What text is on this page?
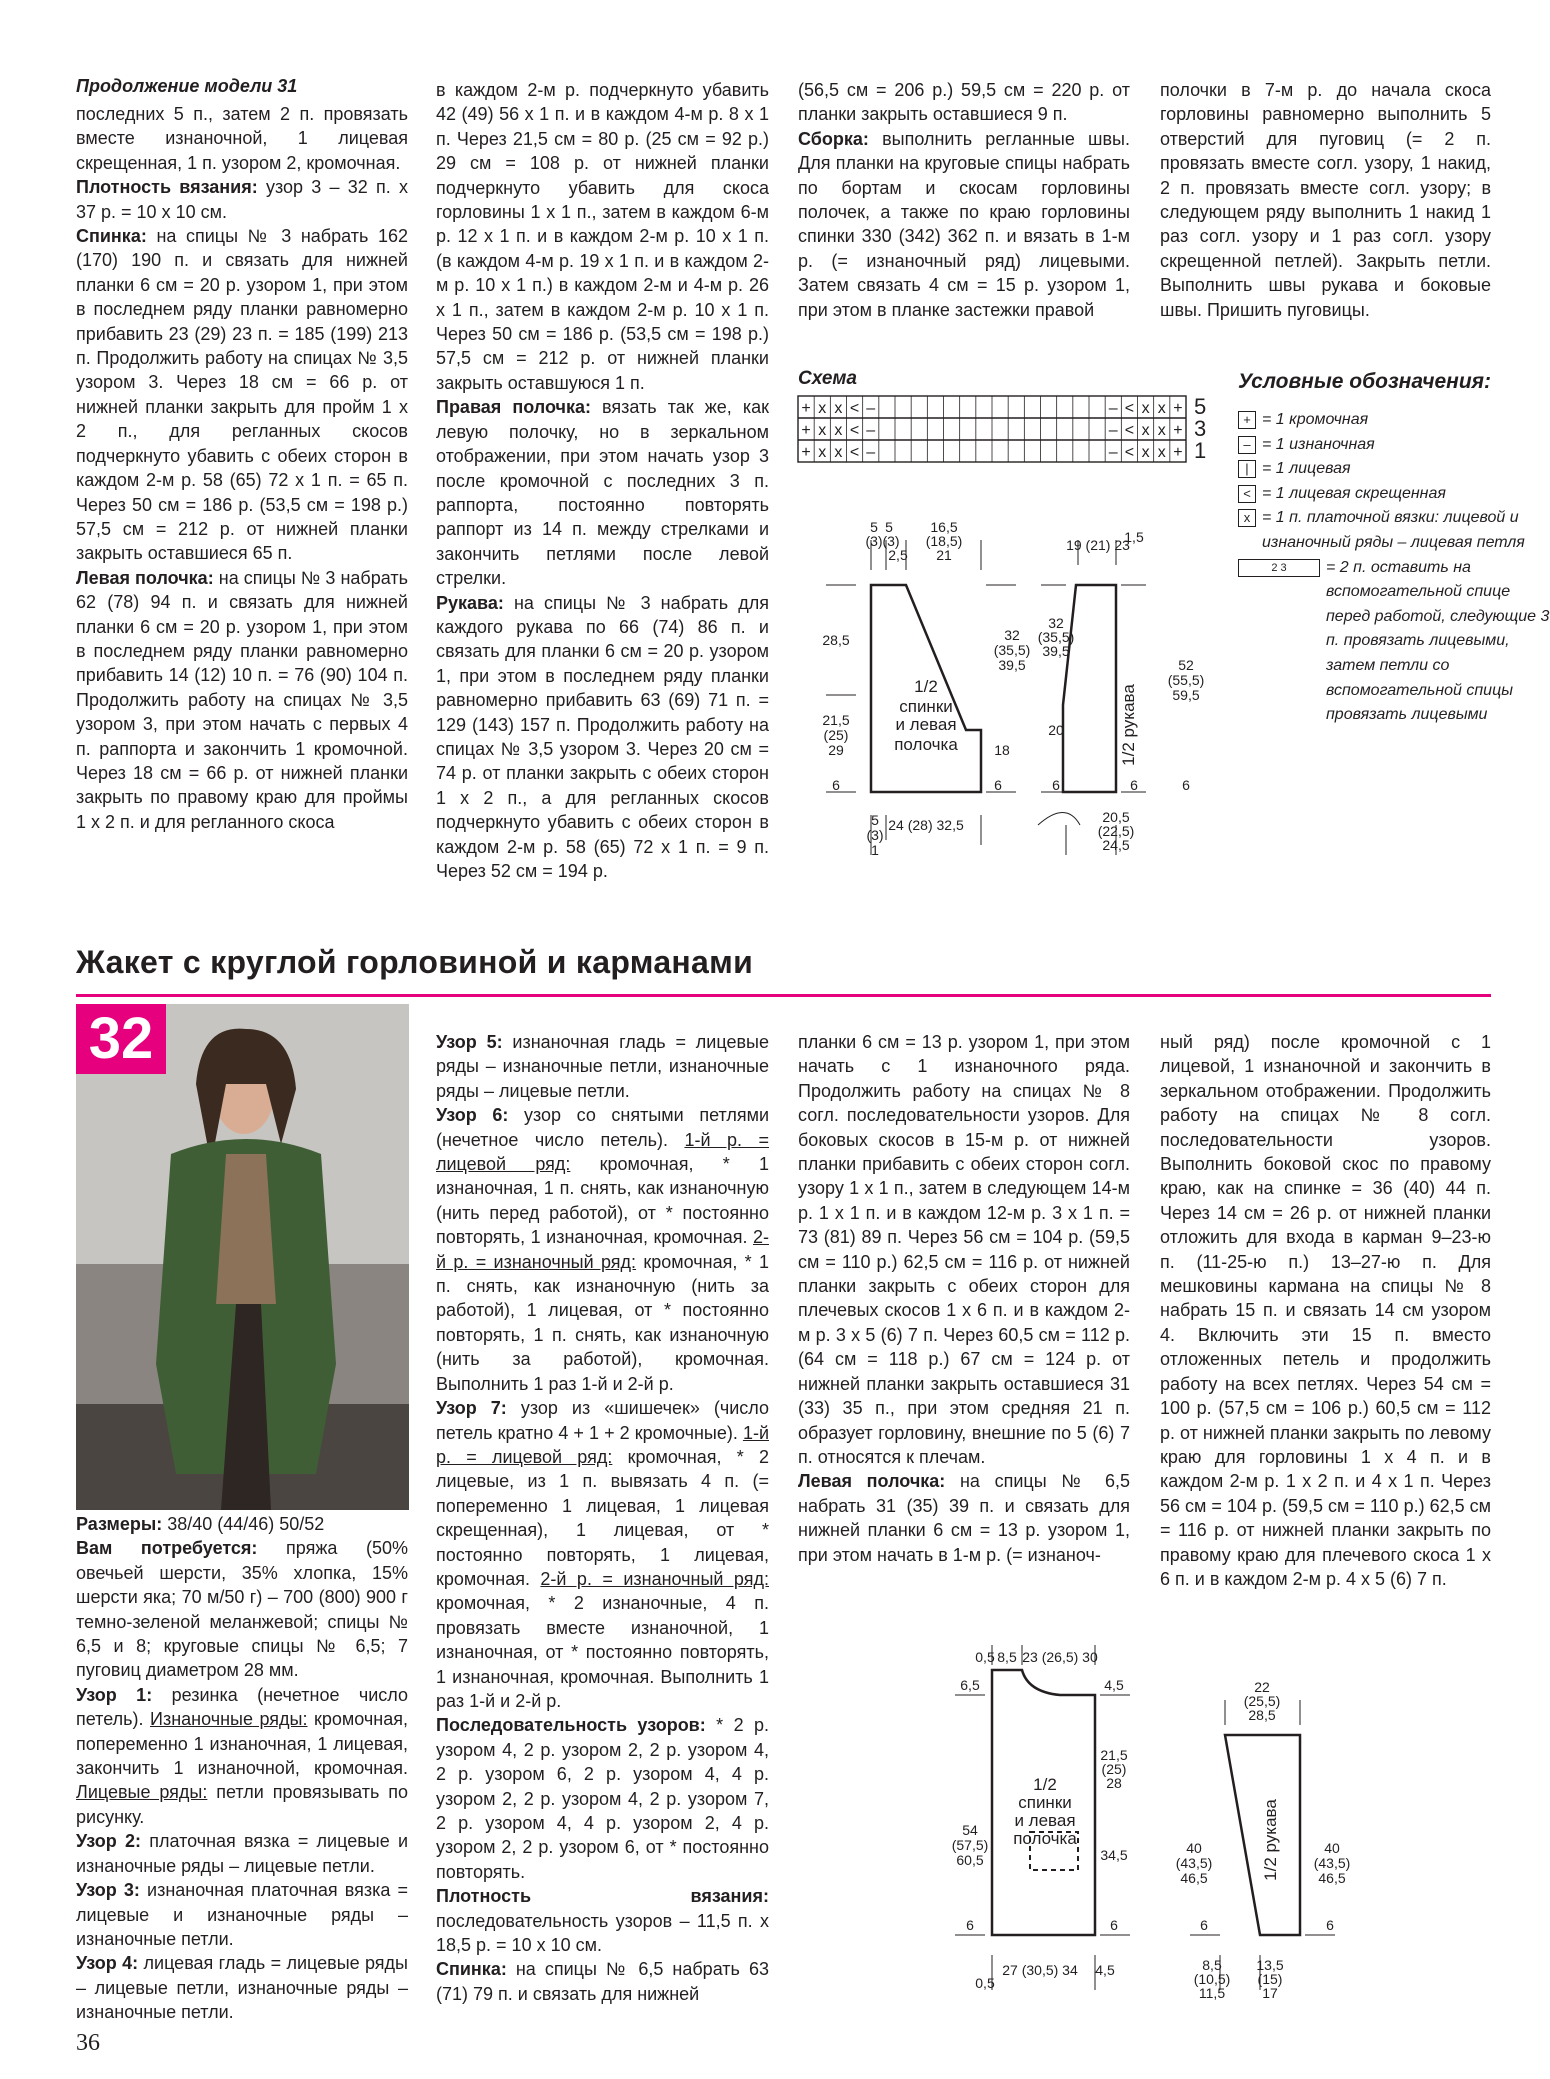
Продолжение модели 31

последних 5 п., затем 2 п. провязать вместе изнаночной, 1 лицевая скрещенная, 1 п. узором 2, кромочная.

Плотность вязания: узор 3 – 32 п. х 37 р. = 10 х 10 см.

Спинка: на спицы № 3 набрать 162 (170) 190 п. и связать для нижней планки 6 см = 20 р. узором 1, при этом в последнем ряду планки равномерно прибавить 23 (29) 23 п. = 185 (199) 213 п. Продолжить работу на спицах № 3,5 узором 3. Через 18 см = 66 р. от нижней планки закрыть для пройм 1 х 2 п., для регланных скосов подчеркнуто убавить с обеих сторон в каждом 2-м р. 58 (65) 72 х 1 п. = 65 п. Через 50 см = 186 р. (53,5 см = 198 р.) 57,5 см = 212 р. от нижней планки закрыть оставшиеся 65 п.

Левая полочка: на спицы № 3 набрать 62 (78) 94 п. и связать для нижней планки 6 см = 20 р. узором 1, при этом в последнем ряду планки равномерно прибавить 14 (12) 10 п. = 76 (90) 104 п. Продолжить работу на спицах № 3,5 узором 3, при этом начать с первых 4 п. раппорта и закончить 1 кромочной. Через 18 см = 66 р. от нижней планки закрыть по правому краю для проймы 1 х 2 п. и для регланного скоса

в каждом 2-м р. подчеркнуто убавить 42 (49) 56 х 1 п. и в каждом 4-м р. 8 х 1 п. Через 21,5 см = 80 р. (25 см = 92 р.) 29 см = 108 р. от нижней планки подчеркнуто убавить для скоса горловины 1 х 1 п., затем в каждом 6-м р. 12 х 1 п. и в каждом 2-м р. 10 х 1 п. (в каждом 4-м р. 19 х 1 п. и в каждом 2-м р. 10 х 1 п.) в каждом 2-м и 4-м р. 26 х 1 п., затем в каждом 2-м р. 10 х 1 п. Через 50 см = 186 р. (53,5 см = 198 р.) 57,5 см = 212 р. от нижней планки закрыть оставшуюся 1 п.

Правая полочка: вязать так же, как левую полочку, но в зеркальном отображении, при этом начать узор 3 после кромочной с последних 3 п. раппорта, постоянно повторять раппорт из 14 п. между стрелками и закончить петлями после левой стрелки.

Рукава: на спицы № 3 набрать для каждого рукава по 66 (74) 86 п. и связать для планки 6 см = 20 р. узором 1, при этом в последнем ряду планки равномерно прибавить 63 (69) 71 п. = 129 (143) 157 п. Продолжить работу на спицах № 3,5 узором 3. Через 20 см = 74 р. от планки закрыть с обеих сторон 1 х 2 п., а для регланных скосов подчеркнуто убавить с обеих сторон в каждом 2-м р. 58 (65) 72 х 1 п. = 9 п. Через 52 см = 194 р.

(56,5 см = 206 р.) 59,5 см = 220 р. от планки закрыть оставшиеся 9 п.

Сборка: выполнить регланные швы. Для планки на круговые спицы набрать по бортам и скосам горловины полочек, а также по краю горловины спинки 330 (342) 362 п. и вязать в 1-м р. (= изнаночный ряд) лицевыми. Затем связать 4 см = 15 р. узором 1, при этом в планке застежки правой

полочки в 7-м р. до начала скоса горловины равномерно выполнить 5 отверстий для пуговиц (= 2 п. провязать вместе согл. узору, 1 накид, 2 п. провязать вместе согл. узору; в следующем ряду выполнить 1 накид 1 раз согл. узору и 1 раз согл. узору скрещенной петлей). Закрыть петли. Выполнить швы рукава и боковые швы. Пришить пуговицы.

Схема
+ x x < –	– < x x +
+ x x < –	– < x x +
+ x x < –	– < x x +
5
3
1
Условные обозначения:
+ = 1 кромочная
– = 1 изнаночная
| = 1 лицевая
< = 1 лицевая скрещенная
x = 1 п. платочной вязки: лицевой и изнаночный ряды – лицевая петля
2 3	= 2 п. оставить на вспомогательной спице перед работой, следующие 3 п. провязать лицевыми, затем петли со вспомогательной спицы провязать лицевыми
5 5
(3) (3)
2,5
16,5
(18,5)
21
28,5	32
(35,5)
39,5
21,5
(25)
29
1/2
спинки
и левая
полочка	18
6	6
5
(3)
1
24 (28) 32,5
32
(35,5)
39,5
20
6
19 (21) 23
1,5
52
(55,5)
59,5
1/2 рукава
20,5
(22,5)
24,5
6	6
Жакет с круглой горловиной и карманами
32

Размеры: 38/40 (44/46) 50/52

Вам потребуется: пряжа (50% овечьей шерсти, 35% хлопка, 15% шерсти яка; 70 м/50 г) – 700 (800) 900 г темно-зеленой меланжевой; спицы № 6,5 и 8; круговые спицы № 6,5; 7 пуговиц диаметром 28 мм.

Узор 1: резинка (нечетное число петель). Изнаночные ряды: кромочная, попеременно 1 изнаночная, 1 лицевая, закончить 1 изнаночной, кромочная. Лицевые ряды: петли провязывать по рисунку.

Узор 2: платочная вязка = лицевые и изнаночные ряды – лицевые петли.

Узор 3: изнаночная платочная вязка = лицевые и изнаночные ряды – изнаночные петли.

Узор 4: лицевая гладь = лицевые ряды – лицевые петли, изнаночные ряды – изнаночные петли.

Узор 5: изнаночная гладь = лицевые ряды – изнаночные петли, изнаночные ряды – лицевые петли.

Узор 6: узор со снятыми петлями (нечетное число петель). 1-й р. = лицевой ряд: кромочная, * 1 изнаночная, 1 п. снять, как изнаночную (нить перед работой), от * постоянно повторять, 1 изнаночная, кромочная. 2-й р. = изнаночный ряд: кромочная, * 1 п. снять, как изнаночную (нить за работой), 1 лицевая, от * постоянно повторять, 1 п. снять, как изнаночную (нить за работой), кромочная. Выполнить 1 раз 1-й и 2-й р.

Узор 7: узор из «шишечек» (число петель кратно 4 + 1 + 2 кромочные). 1-й р. = лицевой ряд: кромочная, * 2 лицевые, из 1 п. вывязать 4 п. (= попеременно 1 лицевая, 1 лицевая скрещенная), 1 лицевая, от * постоянно повторять, 1 лицевая, кромочная. 2-й р. = изнаночный ряд: кромочная, * 2 изнаночные, 4 п. провязать вместе изнаночной, 1 изнаночная, от * постоянно повторять, 1 изнаночная, кромочная. Выполнить 1 раз 1-й и 2-й р.

Последовательность узоров: * 2 р. узором 4, 2 р. узором 2, 2 р. узором 4, 2 р. узором 6, 2 р. узором 4, 4 р. узором 2, 2 р. узором 4, 2 р. узором 7, 2 р. узором 4, 4 р. узором 2, 4 р. узором 2, 2 р. узором 6, от * постоянно повторять.

Плотность вязания: последовательность узоров – 11,5 п. х 18,5 р. = 10 х 10 см.

Спинка: на спицы № 6,5 набрать 63 (71) 79 п. и связать для нижней

планки 6 см = 13 р. узором 1, при этом начать с 1 изнаночного ряда. Продолжить работу на спицах № 8 согл. последовательности узоров. Для боковых скосов в 15-м р. от нижней планки прибавить с обеих сторон согл. узору 1 х 1 п., затем в следующем 14-м р. 1 х 1 п. и в каждом 12-м р. 3 х 1 п. = 73 (81) 89 п. Через 56 см = 104 р. (59,5 см = 110 р.) 62,5 см = 116 р. от нижней планки закрыть с обеих сторон для плечевых скосов 1 х 6 п. и в каждом 2-м р. 3 х 5 (6) 7 п. Через 60,5 см = 112 р. (64 см = 118 р.) 67 см = 124 р. от нижней планки закрыть оставшиеся 31 (33) 35 п., при этом средняя 21 п. образует горловину, внешние по 5 (6) 7 п. относятся к плечам.

Левая полочка: на спицы № 6,5 набрать 31 (35) 39 п. и связать для нижней планки 6 см = 13 р. узором 1, при этом начать в 1-м р. (= изнаноч-

ный ряд) после кромочной с 1 лицевой, 1 изнаночной и закончить в зеркальном отображении. Продолжить работу на спицах № 8 согл. последовательности узоров. Выполнить боковой скос по правому краю, как на спинке = 36 (40) 44 п. Через 14 см = 26 р. от нижней планки отложить для входа в карман 9–23-ю п. (11-25-ю п.) 13–27-ю п. Для мешковины кармана на спицы № 8 набрать 15 п. и связать 14 см узором 4. Включить эти 15 п. вместо отложенных петель и продолжить работу на всех петлях. Через 54 см = 100 р. (57,5 см = 106 р.) 60,5 см = 112 р. от нижней планки закрыть по левому краю для горловины 1 х 4 п. и в каждом 2-м р. 1 х 2 п. и 4 х 1 п. Через 56 см = 104 р. (59,5 см = 110 р.) 62,5 см = 116 р. от нижней планки закрыть по правому краю для плечевого скоса 1 х 6 п. и в каждом 2-м р. 4 х 5 (6) 7 п.

0,5 8,5 23 (26,5) 30
6,5	4,5
1/2
спинки
и левая
полочка
21,5
(25)
28
54
(57,5)
60,5	34,5
6	6
0,5
27 (30,5) 34 4,5
22
(25,5)
28,5
40
(43,5)
46,5	1/2 рукава	40
(43,5)
46,5
6	6
8,5
(10,5)
11,5
13,5
(15)
17
36
